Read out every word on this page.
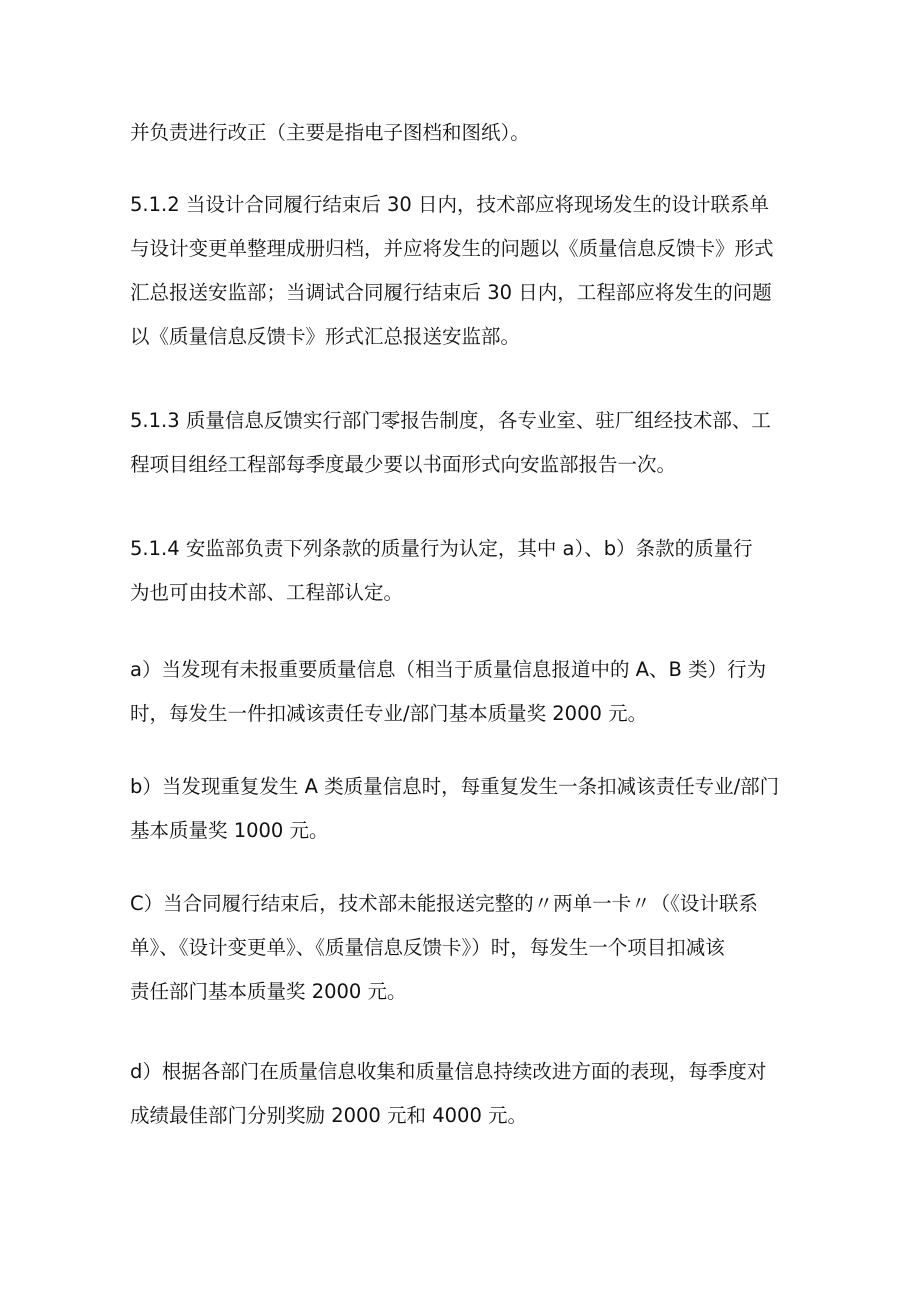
并负责进行改正（主要是指电子图档和图纸）。
5.1.2 当设计合同履行结束后 30 日内，技术部应将现场发生的设计联系单
与设计变更单整理成册归档，并应将发生的问题以《质量信息反馈卡》形式
汇总报送安监部；当调试合同履行结束后 30 日内，工程部应将发生的问题
以《质量信息反馈卡》形式汇总报送安监部。
5.1.3 质量信息反馈实行部门零报告制度，各专业室、驻厂组经技术部、工
程项目组经工程部每季度最少要以书面形式向安监部报告一次。
5.1.4 安监部负责下列条款的质量行为认定，其中 a）、b）条款的质量行
为也可由技术部、工程部认定。
a）当发现有未报重要质量信息（相当于质量信息报道中的 A、B 类）行为
时，每发生一件扣减该责任专业/部门基本质量奖 2000 元。
b）当发现重复发生 A 类质量信息时，每重复发生一条扣减该责任专业/部门
基本质量奖 1000 元。
C）当合同履行结束后，技术部未能报送完整的〃两单一卡〃（《设计联系
单》、《设计变更单》、《质量信息反馈卡》）时，每发生一个项目扣减该
责任部门基本质量奖 2000 元。
d）根据各部门在质量信息收集和质量信息持续改进方面的表现，每季度对
成绩最佳部门分别奖励 2000 元和 4000 元。
